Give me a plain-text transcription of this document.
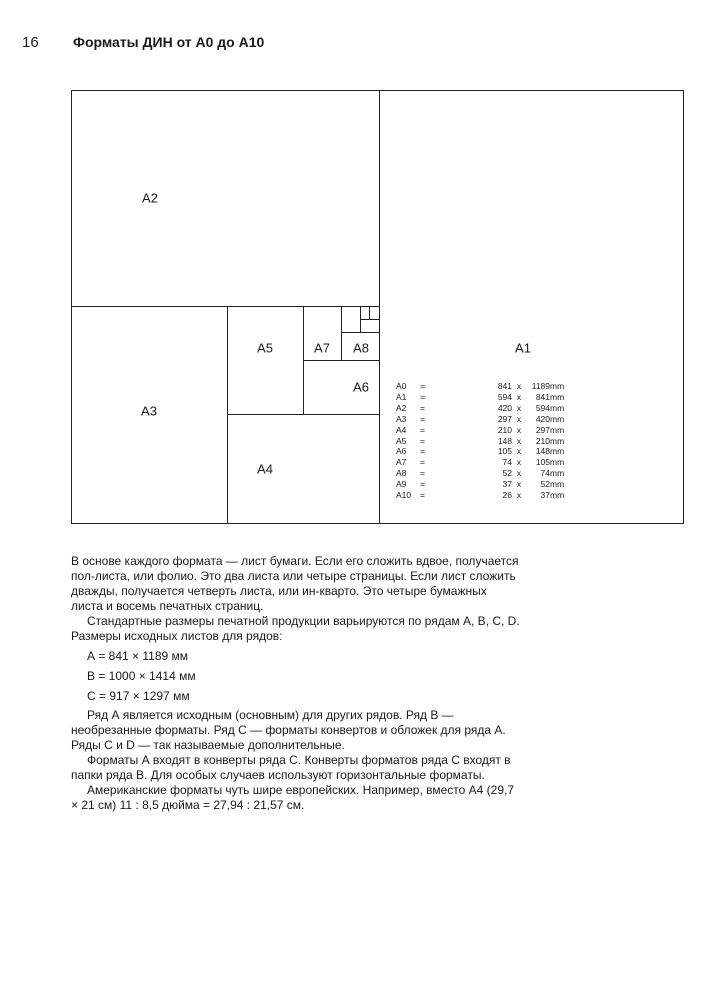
16 Форматы ДИН от А0 до А10
А2
А1
А3
А4
А5
А6
А7 А8
A0	=	841	x	1189	mm
A1	=	594	x	841	mm
A2	=	420	x	594	mm
A3	=	297	x	420	mm
A4	=	210	x	297	mm
A5	=	148	x	210	mm
A6	=	105	x	148	mm
A7	=	74	x	105	mm
A8	=	52	x	74	mm
A9	=	37	x	52	mm
A10	=	26	x	37	mm

В основе каждого формата — лист бумаги. Если его сложить вдвое, получается пол-листа, или фолио. Это два листа или четыре страницы. Если лист сложить дважды, получается четверть листа, или ин-кварто. Это четыре бумажных листа и восемь печатных страниц.

Стандартные размеры печатной продукции варьируются по рядам А, B, C, D. Размеры исходных листов для рядов:

А = 841 × 1189 мм

В = 1000 × 1414 мм

С = 917 × 1297 мм

Ряд А является исходным (основным) для других рядов. Ряд B — необрезанные форматы. Ряд С — форматы конвертов и обложек для ряда А. Ряды С и D — так называемые дополнительные.

Форматы А входят в конверты ряда С. Конверты форматов ряда С входят в папки ряда В. Для особых случаев используют горизонтальные форматы.

Американские форматы чуть шире европейских. Например, вместо А4 (29,7 × 21 см) 11 : 8,5 дюйма = 27,94 : 21,57 см.
